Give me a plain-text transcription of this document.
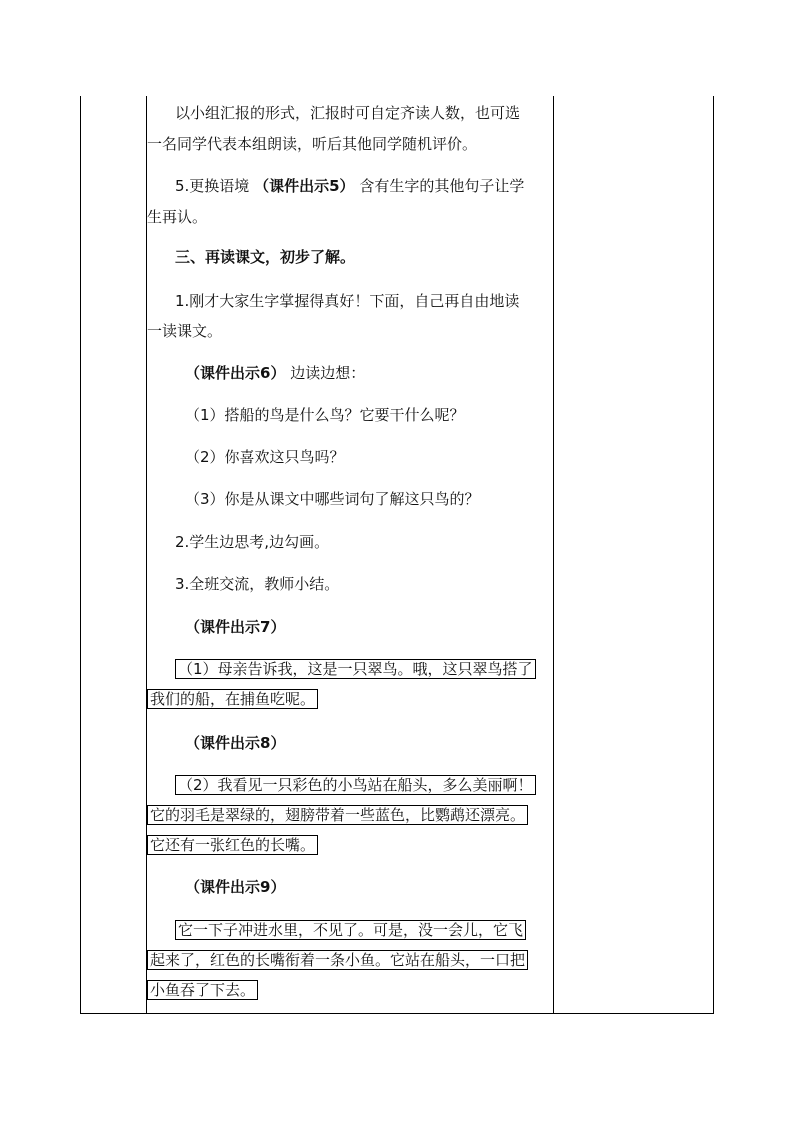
以小组汇报的形式，汇报时可自定齐读人数，也可选
一名同学代表本组朗读，听后其他同学随机评价。
5.更换语境 （课件出示5） 含有生字的其他句子让学
生再认。
三、再读课文，初步了解。
1.刚才大家生字掌握得真好！下面，自己再自由地读
一读课文。
（课件出示6） 边读边想：
（1）搭船的鸟是什么鸟？它要干什么呢？
（2）你喜欢这只鸟吗？
（3）你是从课文中哪些词句了解这只鸟的？
2.学生边思考,边勾画。
3.全班交流，教师小结。
（课件出示7）
（1）母亲告诉我，这是一只翠鸟。哦，这只翠鸟搭了
我们的船，在捕鱼吃呢。
（课件出示8）
（2）我看见一只彩色的小鸟站在船头，多么美丽啊！
它的羽毛是翠绿的，翅膀带着一些蓝色，比鹦鹉还漂亮。
它还有一张红色的长嘴。
（课件出示9）
它一下子冲进水里，不见了。可是，没一会儿，它飞
起来了，红色的长嘴衔着一条小鱼。它站在船头，一口把
小鱼吞了下去。
